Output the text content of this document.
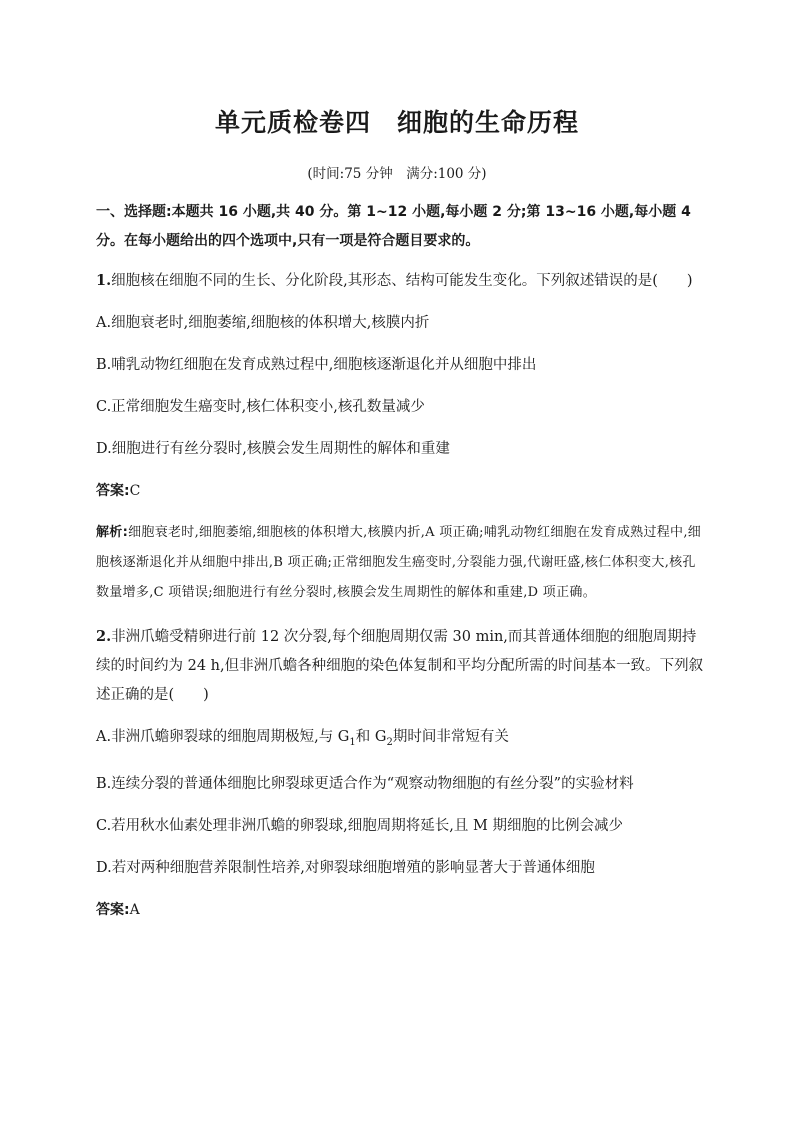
单元质检卷四　细胞的生命历程

(时间:75 分钟　满分:100 分)

一、选择题:本题共 16 小题,共 40 分。第 1~12 小题,每小题 2 分;第 13~16 小题,每小题 4 分。在每小题给出的四个选项中,只有一项是符合题目要求的。

1.细胞核在细胞不同的生长、分化阶段,其形态、结构可能发生变化。下列叙述错误的是(　　)

A.细胞衰老时,细胞萎缩,细胞核的体积增大,核膜内折

B.哺乳动物红细胞在发育成熟过程中,细胞核逐渐退化并从细胞中排出

C.正常细胞发生癌变时,核仁体积变小,核孔数量减少

D.细胞进行有丝分裂时,核膜会发生周期性的解体和重建

答案:C

解析:细胞衰老时,细胞萎缩,细胞核的体积增大,核膜内折,A 项正确;哺乳动物红细胞在发育成熟过程中,细胞核逐渐退化并从细胞中排出,B 项正确;正常细胞发生癌变时,分裂能力强,代谢旺盛,核仁体积变大,核孔数量增多,C 项错误;细胞进行有丝分裂时,核膜会发生周期性的解体和重建,D 项正确。

2.非洲爪蟾受精卵进行前 12 次分裂,每个细胞周期仅需 30 min,而其普通体细胞的细胞周期持续的时间约为 24 h,但非洲爪蟾各种细胞的染色体复制和平均分配所需的时间基本一致。下列叙述正确的是(　　)

A.非洲爪蟾卵裂球的细胞周期极短,与 $G_1$和 $G_2$期时间非常短有关

B.连续分裂的普通体细胞比卵裂球更适合作为“观察动物细胞的有丝分裂”的实验材料

C.若用秋水仙素处理非洲爪蟾的卵裂球,细胞周期将延长,且 M 期细胞的比例会减少

D.若对两种细胞营养限制性培养,对卵裂球细胞增殖的影响显著大于普通体细胞

答案:A
